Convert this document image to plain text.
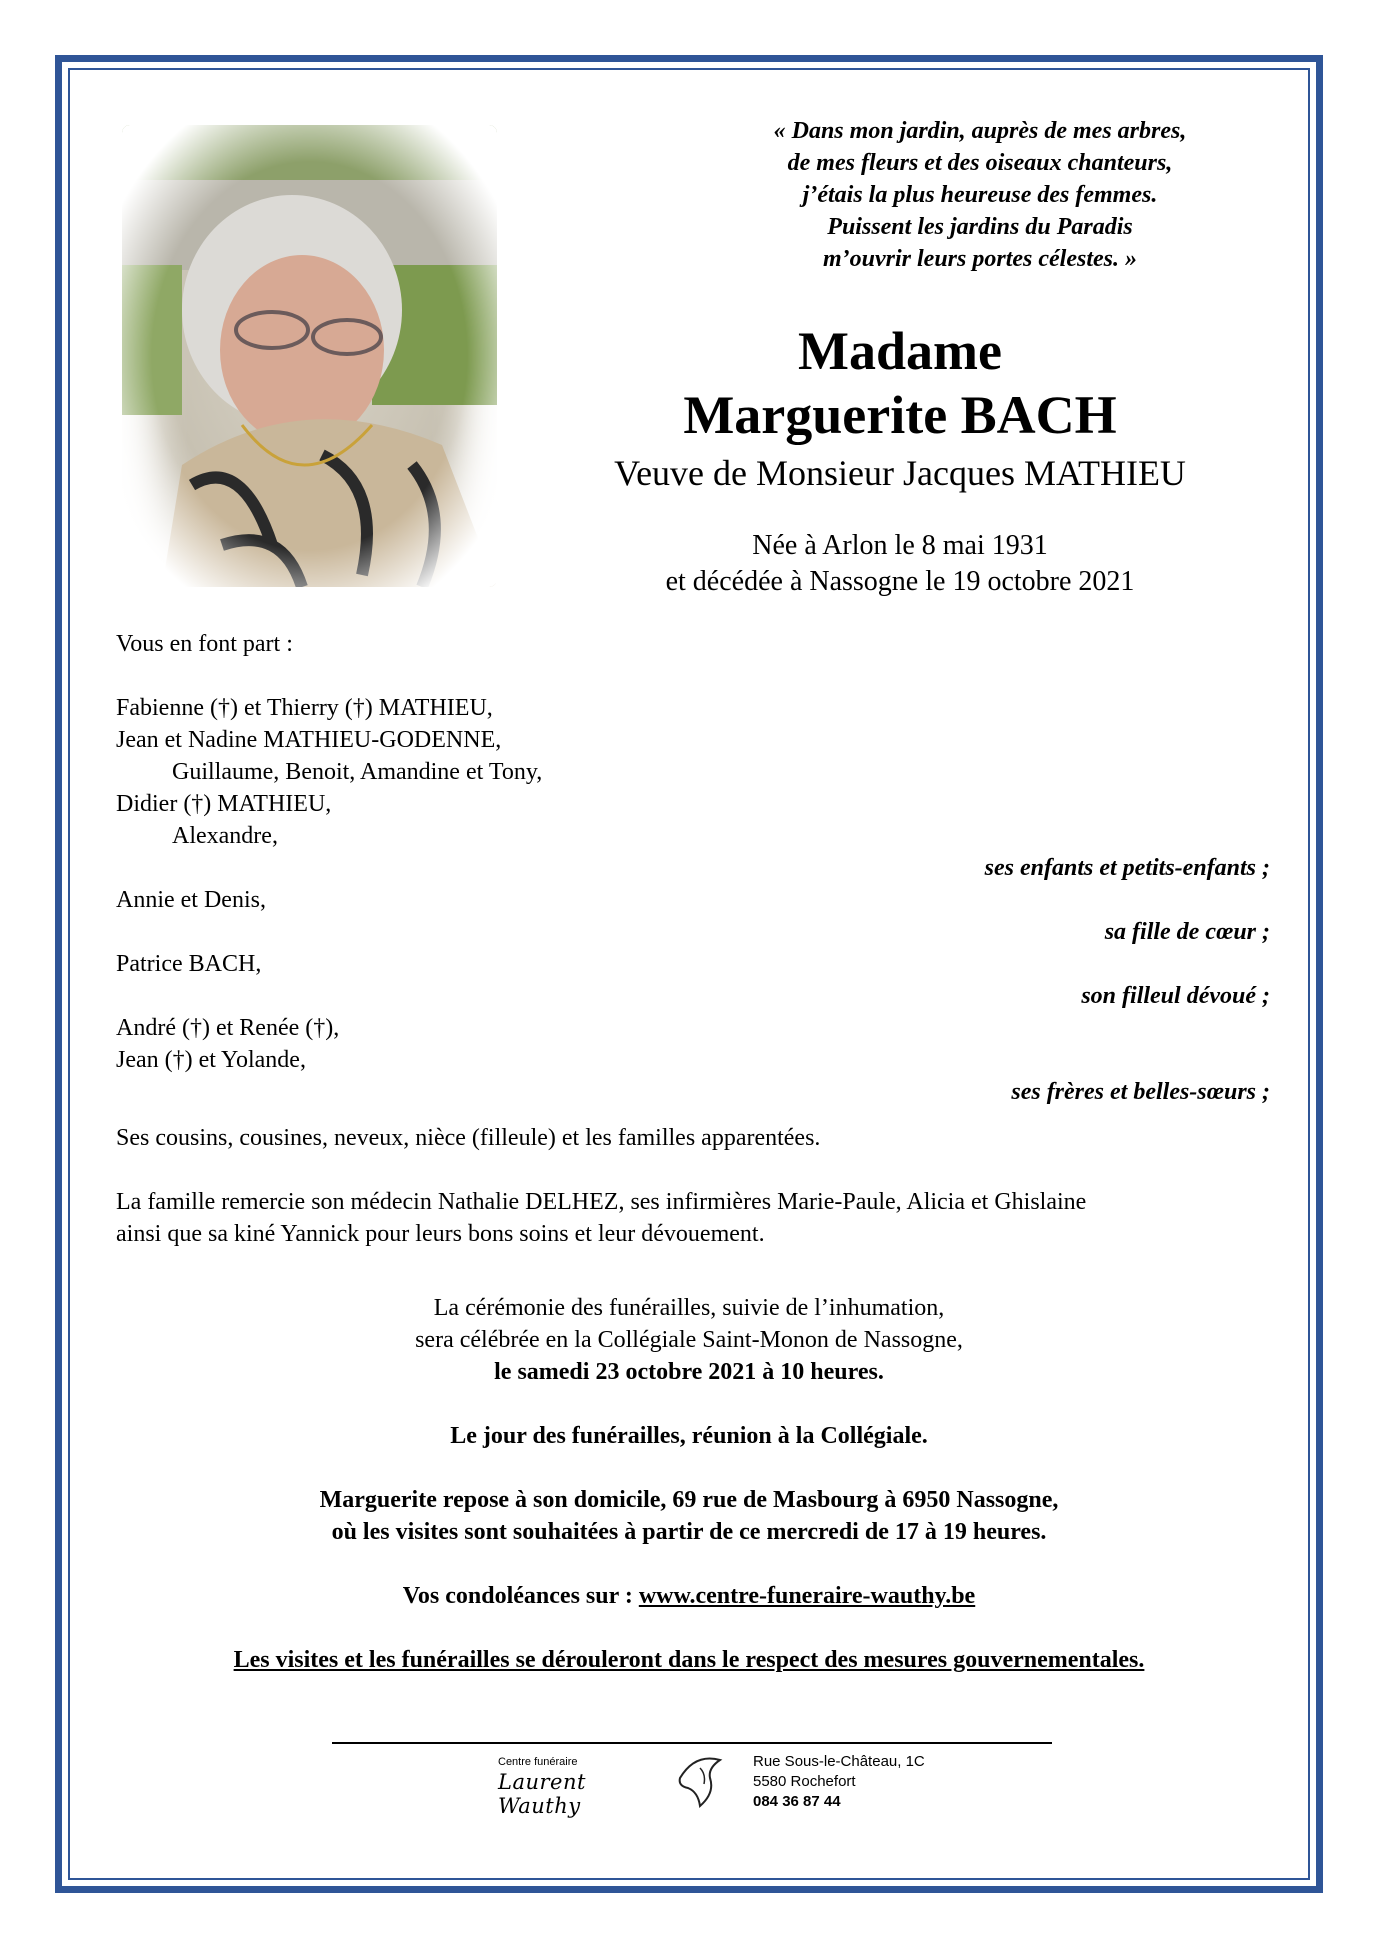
« Dans mon jardin, auprès de mes arbres,
de mes fleurs et des oiseaux chanteurs,
j’étais la plus heureuse des femmes.
Puissent les jardins du Paradis
m’ouvrir leurs portes célestes. »
Madame
Marguerite BACH
Veuve de Monsieur Jacques MATHIEU
Née à Arlon le 8 mai 1931
et décédée à Nassogne le 19 octobre 2021
Vous en font part :
Fabienne (†) et Thierry (†) MATHIEU,
Jean et Nadine MATHIEU-GODENNE,
Guillaume, Benoit, Amandine et Tony,
Didier (†) MATHIEU,
Alexandre,
ses enfants et petits-enfants ;
Annie et Denis,
sa fille de cœur ;
Patrice BACH,
son filleul dévoué ;
André (†) et Renée (†),
Jean (†) et Yolande,
ses frères et belles-sœurs ;
Ses cousins, cousines, neveux, nièce (filleule) et les familles apparentées.
La famille remercie son médecin Nathalie DELHEZ, ses infirmières Marie-Paule, Alicia et Ghislaine
ainsi que sa kiné Yannick pour leurs bons soins et leur dévouement.
La cérémonie des funérailles, suivie de l’inhumation,
sera célébrée en la Collégiale Saint-Monon de Nassogne,
le samedi 23 octobre 2021 à 10 heures.
Le jour des funérailles, réunion à la Collégiale.
Marguerite repose à son domicile, 69 rue de Masbourg à 6950 Nassogne,
où les visites sont souhaitées à partir de ce mercredi de 17 à 19 heures.
Vos condoléances sur : www.centre-funeraire-wauthy.be
Les visites et les funérailles se dérouleront dans le respect des mesures gouvernementales.
Centre funéraire
Laurent Wauthy
Rue Sous-le-Château, 1C
5580 Rochefort
084 36 87 44
